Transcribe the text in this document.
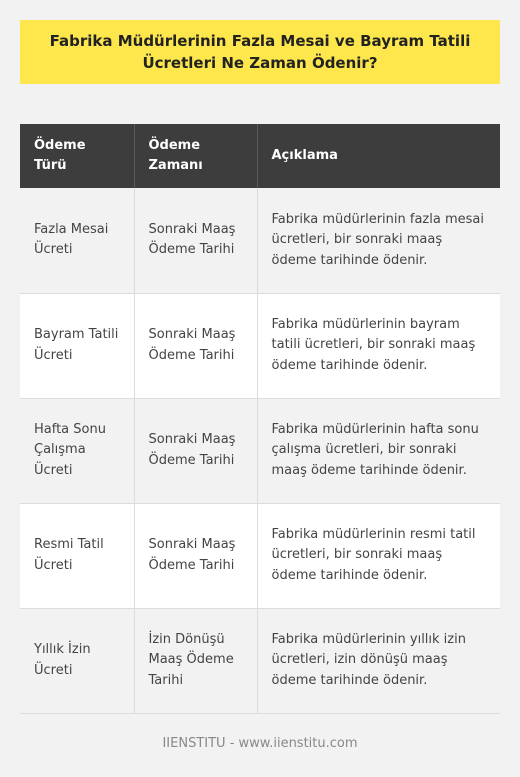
Fabrika Müdürlerinin Fazla Mesai ve Bayram Tatili Ücretleri Ne Zaman Ödenir?
Ödeme Türü	Ödeme Zamanı	Açıklama
Fazla Mesai Ücreti	Sonraki Maaş Ödeme Tarihi	Fabrika müdürlerinin fazla mesai ücretleri, bir sonraki maaş ödeme tarihinde ödenir.
Bayram Tatili Ücreti	Sonraki Maaş Ödeme Tarihi	Fabrika müdürlerinin bayram tatili ücretleri, bir sonraki maaş ödeme tarihinde ödenir.
Hafta Sonu Çalışma Ücreti	Sonraki Maaş Ödeme Tarihi	Fabrika müdürlerinin hafta sonu çalışma ücretleri, bir sonraki maaş ödeme tarihinde ödenir.
Resmi Tatil Ücreti	Sonraki Maaş Ödeme Tarihi	Fabrika müdürlerinin resmi tatil ücretleri, bir sonraki maaş ödeme tarihinde ödenir.
Yıllık İzin Ücreti	İzin Dönüşü Maaş Ödeme Tarihi	Fabrika müdürlerinin yıllık izin ücretleri, izin dönüşü maaş ödeme tarihinde ödenir.
IIENSTITU - www.iienstitu.com
